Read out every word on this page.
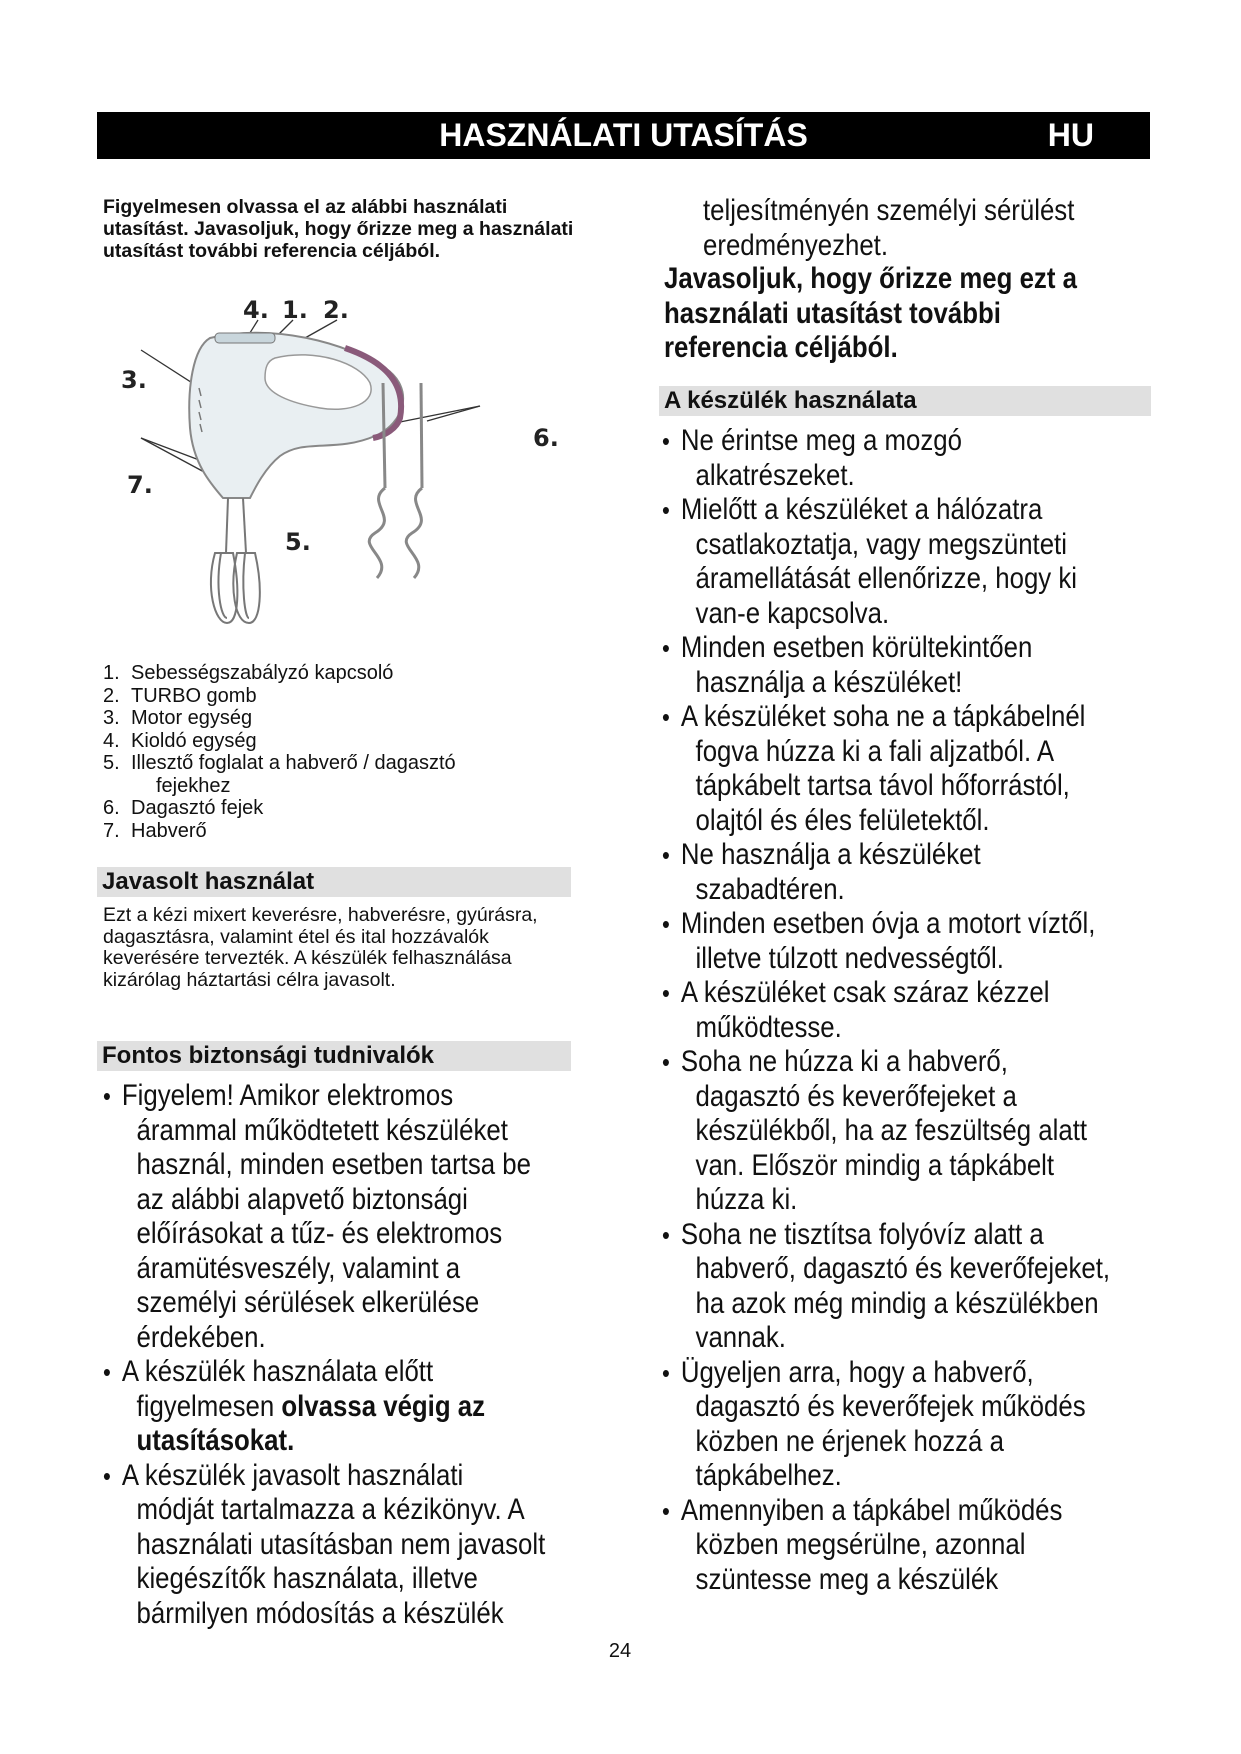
HASZNÁLATI UTASÍTÁS	HU
Figyelmesen olvassa el az alábbi használati utasítást. Javasoljuk, hogy őrizze meg a használati utasítást további referencia céljából.
4. 1. 2.
3.
6.
7.
5.
1. Sebességszabályzó kapcsoló
2. TURBO gomb
3. Motor egység
4. Kioldó egység
5. Illesztő foglalat a habverő / dagasztó
fejekhez
6. Dagasztó fejek
7. Habverő
Javasolt használat
Ezt a kézi mixert keverésre, habverésre, gyúrásra, dagasztásra, valamint étel és ital hozzávalók keverésére tervezték. A készülék felhasználása kizárólag háztartási célra javasolt.
Fontos biztonsági tudnivalók
• Figyelem! Amikor elektromos
árammal működtetett készüléket
használ, minden esetben tartsa be
az alábbi alapvető biztonsági
előírásokat a tűz- és elektromos
áramütésveszély, valamint a
személyi sérülések elkerülése
érdekében.
• A készülék használata előtt
figyelmesen olvassa végig az
utasításokat.
• A készülék javasolt használati
módját tartalmazza a kézikönyv. A
használati utasításban nem javasolt
kiegészítők használata, illetve
bármilyen módosítás a készülék
teljesítményén személyi sérülést
eredményezhet.
Javasoljuk, hogy őrizze meg ezt a
használati utasítást további
referencia céljából.
A készülék használata
• Ne érintse meg a mozgó
alkatrészeket.
• Mielőtt a készüléket a hálózatra
csatlakoztatja, vagy megszünteti
áramellátását ellenőrizze, hogy ki
van-e kapcsolva.
• Minden esetben körültekintően
használja a készüléket!
• A készüléket soha ne a tápkábelnél
fogva húzza ki a fali aljzatból. A
tápkábelt tartsa távol hőforrástól,
olajtól és éles felületektől.
• Ne használja a készüléket
szabadtéren.
• Minden esetben óvja a motort víztől,
illetve túlzott nedvességtől.
• A készüléket csak száraz kézzel
működtesse.
• Soha ne húzza ki a habverő,
dagasztó és keverőfejeket a
készülékből, ha az feszültség alatt
van. Először mindig a tápkábelt
húzza ki.
• Soha ne tisztítsa folyóvíz alatt a
habverő, dagasztó és keverőfejeket,
ha azok még mindig a készülékben
vannak.
• Ügyeljen arra, hogy a habverő,
dagasztó és keverőfejek működés
közben ne érjenek hozzá a
tápkábelhez.
• Amennyiben a tápkábel működés
közben megsérülne, azonnal
szüntesse meg a készülék
24
